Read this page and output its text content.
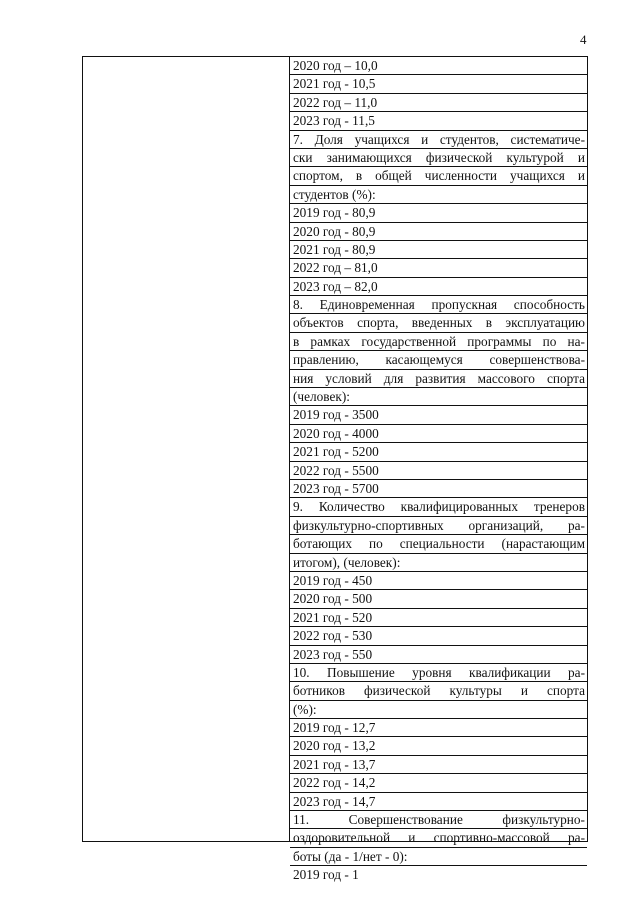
4
2020 год – 10,0
2021 год - 10,5
2022 год – 11,0
2023 год - 11,5
7. Доля учащихся и студентов, систематиче-
ски занимающихся физической культурой и
спортом, в общей численности учащихся и
студентов (%):
2019 год - 80,9
2020 год - 80,9
2021 год - 80,9
2022 год – 81,0
2023 год – 82,0
8. Единовременная пропускная способность
объектов спорта, введенных в эксплуатацию
в рамках государственной программы по на-
правлению, касающемуся совершенствова-
ния условий для развития массового спорта
(человек):
2019 год - 3500
2020 год - 4000
2021 год - 5200
2022 год - 5500
2023 год - 5700
9. Количество квалифицированных тренеров
физкультурно-спортивных организаций, ра-
ботающих по специальности (нарастающим
итогом), (человек):
2019 год - 450
2020 год - 500
2021 год - 520
2022 год - 530
2023 год - 550
10. Повышение уровня квалификации ра-
ботников физической культуры и спорта
(%):
2019 год - 12,7
2020 год - 13,2
2021 год - 13,7
2022 год - 14,2
2023 год - 14,7
11. Совершенствование физкультурно-
оздоровительной и спортивно-массовой ра-
боты (да - 1/нет - 0):
2019 год - 1
